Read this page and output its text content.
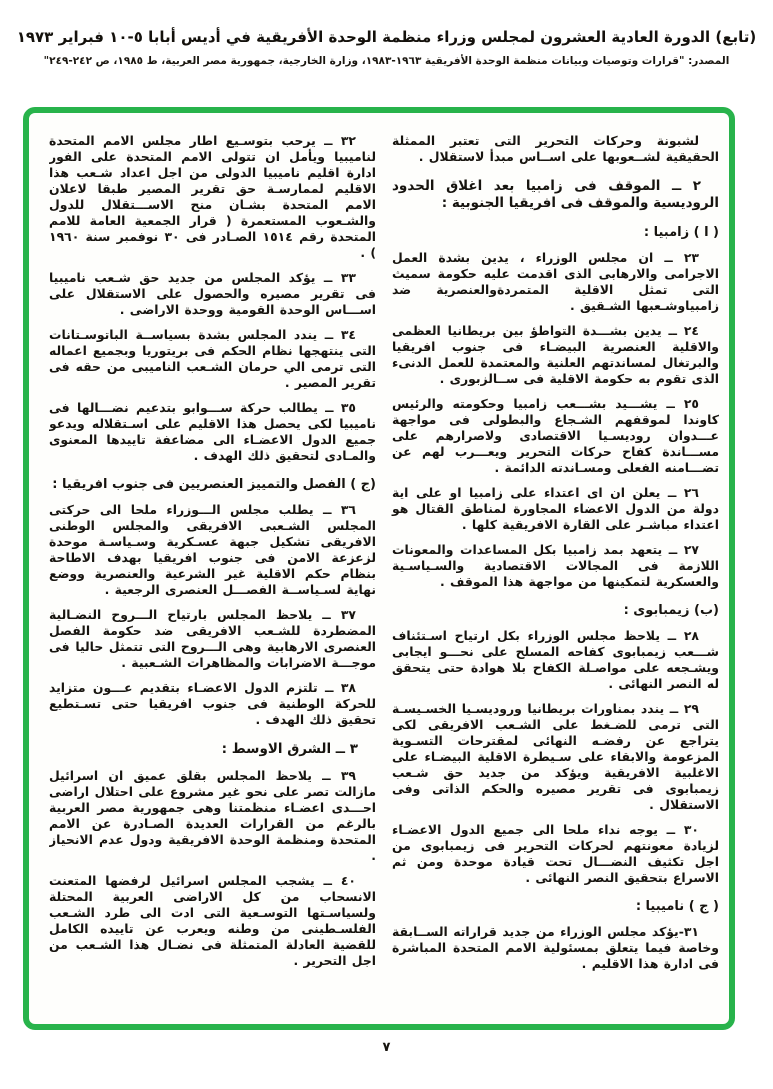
(تابع) الدورة العادية العشرون لمجلس وزراء منظمة الوحدة الأفريقية في أديس أبابا ٥-١٠ فبراير ١٩٧٣
المصدر: "قرارات وتوصيات وبيانات منظمة الوحدة الأفريقية ١٩٦٣-١٩٨٣، وزارة الخارجية، جمهورية مصر العربية، ط ١٩٨٥، ص ٢٤٢-٢٤٩"
لشبونة وحركات التحرير التى تعتبر الممثلة الحقيقية لشــعوبها على اســاس مبدأ لاستقلال .
٢ ــ الموقف فى زامبيا بعد اغلاق الحدود الروديسية والموقف فى افريقيا الجنوبية :
( ا ) زامبيا :
٢٣ ــ ان مجلس الوزراء ، يدين بشدة العمل الاجرامى والارهابى الذى اقدمت عليه حكومة سميث التى تمثل الاقلية المتمردةوالعنصرية ضد زامبياوشـعبها الشـقيق .
٢٤ ــ يدين بشـــدة التواطؤ بين بريطانيا العظمى والاقلية العنصرية البيضـاء فى جنوب افريقيا والبرتغال لمساندتهم العلنية والمعتمدة للعمل الدنىء الذى تقوم به حكومة الاقلية فى ســالزبورى .
٢٥ ــ يشـــيد بشـــعب زامبيا وحكومته والرئيس كاوندا لموقفهم الشـجاع والبطولى فى مواجهة عـــدوان روديسـيا الاقتصادى ولاصرارهم على مســـاندة كفاح حركات التحرير ويعـــرب لهم عن تضـــامنه الفعلى ومسـاندته الدائمة .
٢٦ ــ يعلن ان اى اعتداء على زامبيا او على اية دولة من الدول الاعضاء المجاورة لمناطق القتال هو اعتداء مباشـر على القارة الافريقية كلها .
٢٧ ــ يتعهد بمد زامبيا بكل المساعدات والمعونات اللازمة فى المجالات الاقتصادية والسـياسـية والعسكرية لتمكينها من مواجهة هذا الموقف .
(ب) زيمبابوى :
٢٨ ــ يلاحظ مجلس الوزراء بكل ارتياح اسـتئناف شـــعب زيمبابوى كفاحه المسلح على نحـــو ايجابى ويشـجعه على مواصـلة الكفاح بلا هوادة حتى يتحقق له النصر النهائى .
٢٩ ــ يندد بمناورات بريطانيا وروديسـيا الخسـيسـة التى ترمى للضـغط على الشـعب الافريقى لكى يتراجع عن رفضـه النهائى لمقترحات التسـوية المزعومة والابقاء على سـيطرة الاقلية البيضـاء على الاغلبية الافريقية ويؤكد من جديد حق شـعب زيمبابوى فى تقرير مصيره والحكم الذاتى وفى الاستقلال .
٣٠ ــ يوجه نداء ملحا الى جميع الدول الاعضـاء لزيادة معونتهم لحركات التحرير فى زيمبابوى من اجل تكثيف النضـــال تحت قيادة موحدة ومن ثم الاسراع بتحقيق النصر النهائى .
( ج ) ناميبيا :
٣١-يؤكد مجلس الوزراء من جديد قراراته الســابقة وخاصة فيما يتعلق بمسئولية الامم المتحدة المباشرة فى ادارة هذا الاقليم .
٣٢ ــ يرحب بتوسـيع اطار مجلس الامم المتحدة لناميبيا ويأمل ان تتولى الامم المتحدة على الفور ادارة اقليم ناميبيا الدولى من اجل اعداد شـعب هذا الاقليم لممارسـة حق تقرير المصير طبقا لاعلان الامم المتحدة بشـان منح الاســـتقلال للدول والشـعوب المستعمرة ( قرار الجمعية العامة للامم المتحدة رقم ١٥١٤ الصـادر فى ٣٠ نوفمبر سنة ١٩٦٠ ) .
٣٣ ــ يؤكد المجلس من جديد حق شـعب ناميبيا فى تقرير مصيره والحصول على الاستقلال على اســـاس الوحدة القومية ووحدة الاراضى .
٣٤ ــ يندد المجلس بشدة بسياســة الباتوسـتانات التى ينتهجها نظام الحكم فى بريتوريا وبجميع اعماله التى ترمى الي حرمان الشـعب الناميبى من حقه فى تقرير المصير .
٣٥ ــ يطالب حركة ســـوابو بتدعيم نضـــالها فى ناميبيا لكى يحصل هذا الاقليم على اسـتقلاله ويدعو جميع الدول الاعضـاء الى مضاعفة تاييدها المعنوى والمـادى لتحقيق ذلك الهدف .
(ج ) الفصل والتمييز العنصريين فى جنوب افريقيا :
٣٦ ــ يطلب مجلس الـــوزراء ملحا الى حركتى المجلس الشـعبى الافريقى والمجلس الوطنى الافريقى تشكيل جبهة عسـكرية وسـياسـة موحدة لزعزعة الامن فى جنوب افريقيا بهدف الاطاحة بنظام حكم الاقلية غير الشرعية والعنصرية ووضع نهاية لسـياســة الفصـــل العنصرى الرجعية .
٣٧ ــ يلاحظ المجلس بارتياح الـــروح النضـالية المضطردة للشـعب الافريقى ضد حكومة الفصل العنصرى الارهابية وهى الـــروح التى تتمثل حاليا فى موجـــة الاضرابات والمظاهرات الشـعبية .
٣٨ ــ تلتزم الدول الاعضـاء بتقديم عـــون متزايد للحركة الوطنية فى جنوب افريقيا حتى تسـتطيع تحقيق ذلك الهدف .
٣ ــ الشرق الاوسط :
٣٩ ــ يلاحظ المجلس بقلق عميق ان اسرائيل مازالت تصر على نحو غير مشروع على احتلال اراضى احـــدى اعضـاء منظمتنا وهى جمهورية مصر العربية بالرغم من القرارات العديدة الصـادرة عن الامم المتحدة ومنظمة الوحدة الافريقية ودول عدم الانحياز .
٤٠ ــ يشجب المجلس اسرائيل لرفضها المتعنت الانسحاب من كل الاراضى العربية المحتلة ولسياسـتها التوسـعية التى ادت الى طرد الشـعب الفلسـطينى من وطنه ويعرب عن تاييده الكامل للقضية العادلة المتمثلة فى نضـال هذا الشـعب من اجل التحرير .
٧
